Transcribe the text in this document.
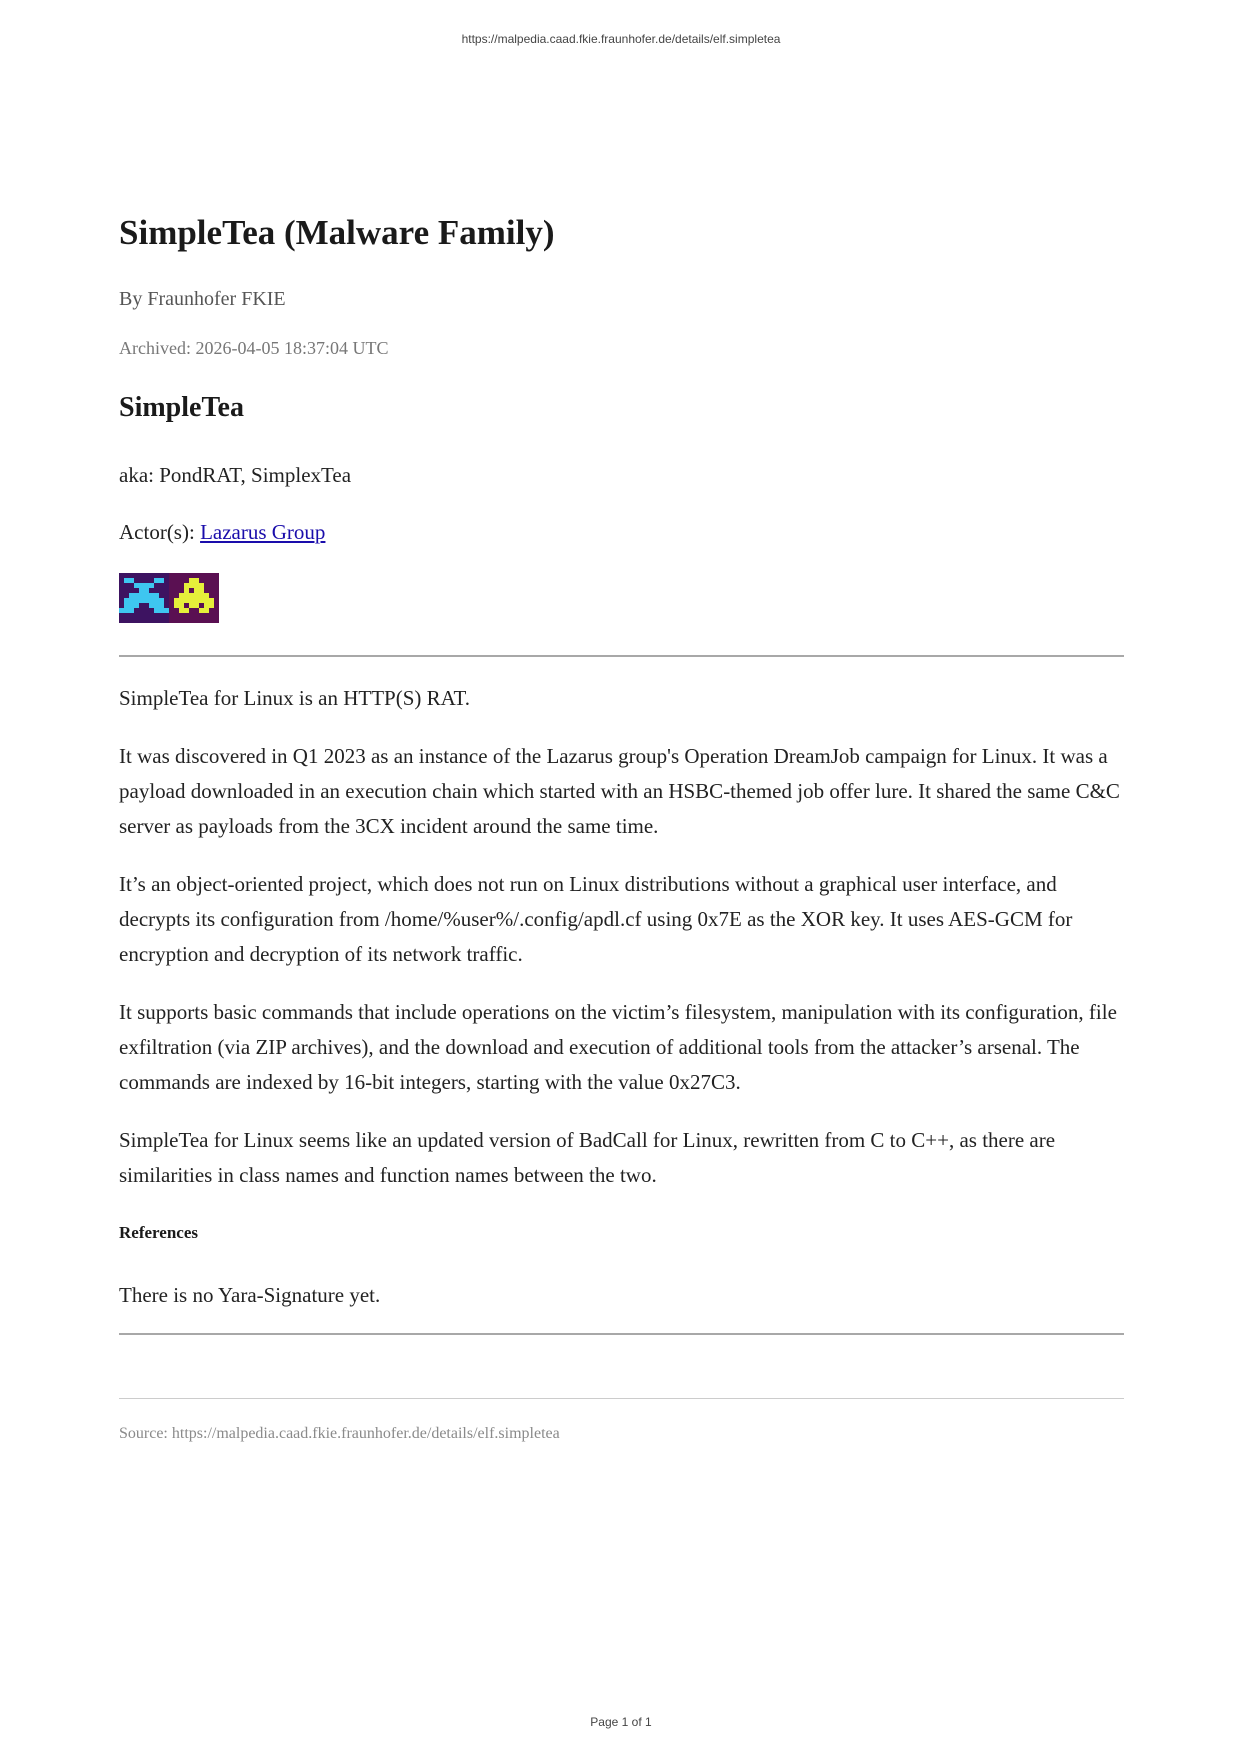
https://malpedia.caad.fkie.fraunhofer.de/details/elf.simpletea
SimpleTea (Malware Family)
By Fraunhofer FKIE
Archived: 2026-04-05 18:37:04 UTC
SimpleTea
aka: PondRAT, SimplexTea
Actor(s): Lazarus Group

SimpleTea for Linux is an HTTP(S) RAT.

It was discovered in Q1 2023 as an instance of the Lazarus group's Operation DreamJob campaign for Linux. It was a payload downloaded in an execution chain which started with an HSBC-themed job offer lure. It shared the same C&C server as payloads from the 3CX incident around the same time.

It’s an object-oriented project, which does not run on Linux distributions without a graphical user interface, and decrypts its configuration from /home/%user%/.config/apdl.cf using 0x7E as the XOR key. It uses AES-GCM for encryption and decryption of its network traffic.

It supports basic commands that include operations on the victim’s filesystem, manipulation with its configuration, file exfiltration (via ZIP archives), and the download and execution of additional tools from the attacker’s arsenal. The commands are indexed by 16-bit integers, starting with the value 0x27C3.

SimpleTea for Linux seems like an updated version of BadCall for Linux, rewritten from C to C++, as there are similarities in class names and function names between the two.

References
There is no Yara-Signature yet.
Source: https://malpedia.caad.fkie.fraunhofer.de/details/elf.simpletea
Page 1 of 1
